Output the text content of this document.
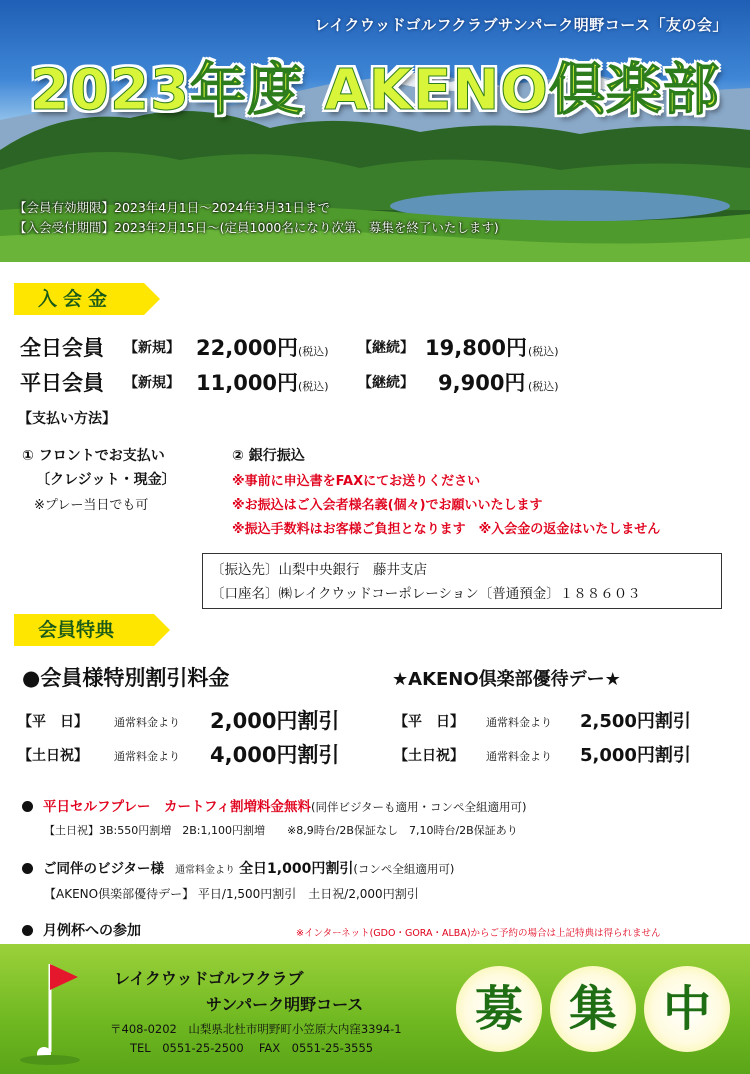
レイクウッドゴルフクラブサンパーク明野コース「友の会」
2023年度 AKENO倶楽部
【会員有効期限】2023年4月1日～2024年3月31日まで
【入会受付期間】2023年2月15日～(定員1000名になり次第、募集を終了いたします)
入会金
全日会員 【新規】 22,000円 (税込) 【継続】 19,800円 (税込)
平日会員 【新規】 11,000円 (税込) 【継続】 9,900円 (税込)
【支払い方法】
① フロントでお支払い
〔クレジット・現金〕
※プレー当日でも可
② 銀行振込
※事前に申込書をFAXにてお送りください
※お振込はご入会者様名義(個々)でお願いいたします
※振込手数料はお客様ご負担となります　※入会金の返金はいたしません
〔振込先〕山梨中央銀行　藤井支店
〔口座名〕㈱レイクウッドコーポレーション〔普通預金〕１８８６０３
会員特典
●会員様特別割引料金	★AKENO倶楽部優待デー★
【平　日】 通常料金より 2,000円割引
【土日祝】 通常料金より 4,000円割引
【平　日】 通常料金より 2,500円割引
【土日祝】 通常料金より 5,000円割引
平日セルフプレー　カートフィ割増料金無料(同伴ビジターも適用・コンペ全組適用可)
【土日祝】3B:550円割増　2B:1,100円割増　　※8,9時台/2B保証なし　7,10時台/2B保証あり
ご同伴のビジター様 通常料金より 全日1,000円割引(コンペ全組適用可)
【AKENO倶楽部優待デー】 平日/1,500円割引　土日祝/2,000円割引
月例杯への参加	※インターネット(GDO・GORA・ALBA)からご予約の場合は上記特典は得られません
レイクウッドゴルフクラブ
サンパーク明野コース
〒408-0202　山梨県北杜市明野町小笠原大内窪3394-1
TEL　0551-25-2500　 FAX　0551-25-3555
募 集 中
